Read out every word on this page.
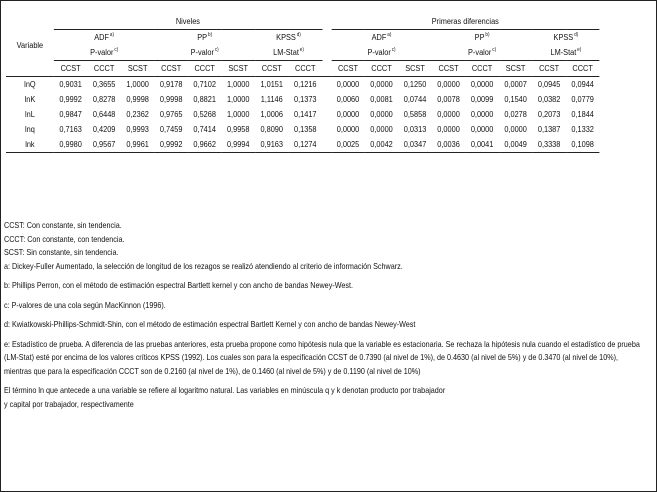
	Niveles									Primeras diferencias							
Variable	ADF$^{a)}$			PP$^{b)}$			KPSS$^{d)}$			ADF$^{a)}$			PP$^{b)}$			KPSS$^{d)}$
	P-valor$^{c)}$			P-valor$^{c)}$			LM-Stat$^{e)}$			P-valor$^{c)}$			P-valor$^{c)}$			LM-Stat$^{e)}$
	CCST	CCCT	SCST	CCST	CCCT	SCST	CCST	CCCT		CCST	CCCT	SCST	CCST	CCCT	SCST	CCST	CCCT
lnQ	0,9031	0,3655	1,0000	0,9178	0,7102	1,0000	1,0151	0,1216		0,0000	0,0000	0,1250	0,0000	0,0000	0,0007	0,0945	0,0944
lnK	0,9992	0,8278	0,9998	0,9998	0,8821	1,0000	1,1146	0,1373		0,0060	0,0081	0,0744	0,0078	0,0099	0,1540	0,0382	0,0779
lnL	0,9847	0,6448	0,2362	0,9765	0,5268	1,0000	1,0006	0,1417		0,0000	0,0000	0,5858	0,0000	0,0000	0,0278	0,2073	0,1844
lnq	0,7163	0,4209	0,9993	0,7459	0,7414	0,9958	0,8090	0,1358		0,0000	0,0000	0,0313	0,0000	0,0000	0,0000	0,1387	0,1332
lnk	0,9980	0,9567	0,9961	0,9992	0,9662	0,9994	0,9163	0,1274		0,0025	0,0042	0,0347	0,0036	0,0041	0,0049	0,3338	0,1098
CCST: Con constante, sin tendencia.
CCCT: Con constante, con tendencia.
SCST: Sin constante, sin tendencia.
a: Dickey-Fuller Aumentado, la selección de longitud de los rezagos se realizó atendiendo al criterio de información Schwarz.
b: Phillips Perron, con el método de estimación espectral Bartlett kernel y con ancho de bandas Newey-West.
c: P-valores de una cola según MacKinnon (1996).
d: Kwiatkowski-Phillips-Schmidt-Shin, con el método de estimación espectral Bartlett Kernel y con ancho de bandas Newey-West
e: Estadístico de prueba. A diferencia de las pruebas anteriores, esta prueba propone como hipótesis nula que la variable es estacionaria. Se rechaza la hipótesis nula cuando el estadístico de prueba (LM-Stat) esté por encima de los valores críticos KPSS (1992). Los cuales son para la especificación CCST de 0.7390 (al nivel de 1%), de 0.4630 (al nivel de 5%) y de 0.3470 (al nivel de 10%), mientras que para la especificación CCCT son de 0.2160 (al nivel de 1%), de 0.1460 (al nivel de 5%) y de 0.1190 (al nivel de 10%)
El término ln que antecede a una variable se refiere al logaritmo natural. Las variables en minúscula q y k denotan producto por trabajador
y capital por trabajador, respectivamente
